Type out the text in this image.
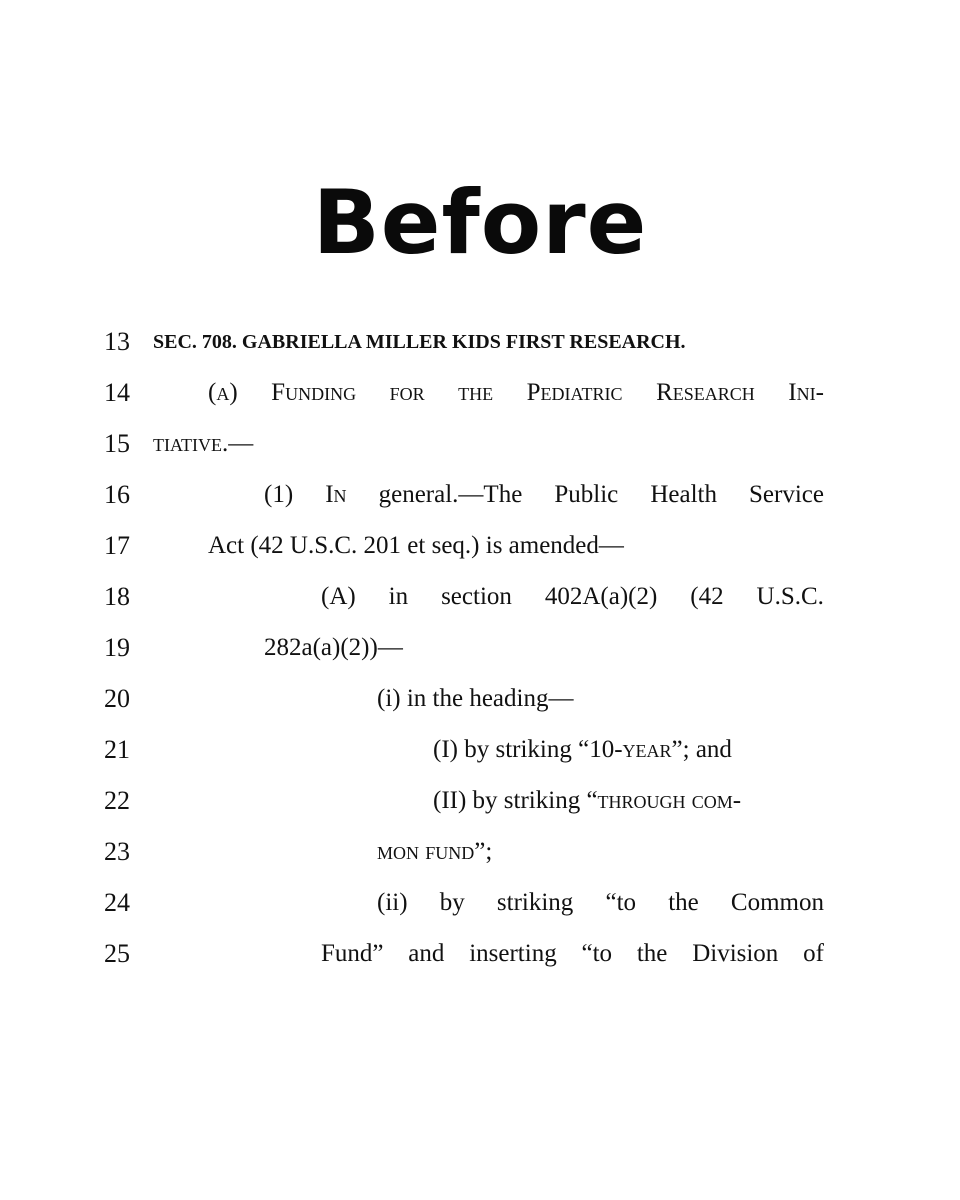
Before
13	SEC. 708. GABRIELLA MILLER KIDS FIRST RESEARCH.
14	(a) Funding for the Pediatric Research Ini-
15 tiative.—
16	(1) In general.—The Public Health Service
17	Act (42 U.S.C. 201 et seq.) is amended—
18	(A) in section 402A(a)(2) (42 U.S.C.
19	282a(a)(2))—
20	(i) in the heading—
21	(I) by striking “10-year”; and
22	(II) by striking “through com-
23	mon fund”;
24	(ii) by striking “to the Common
25	Fund” and inserting “to the Division of
